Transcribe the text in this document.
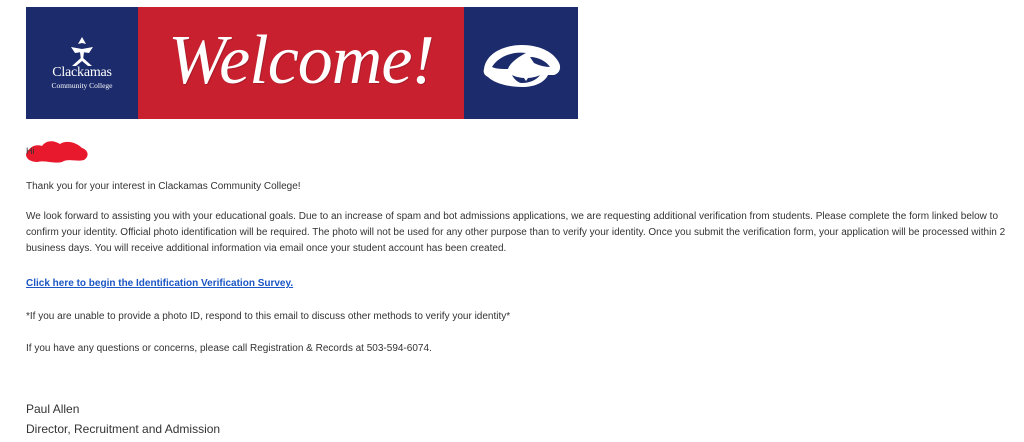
Clackamas
Community College Welcome!
Hi
Thank you for your interest in Clackamas Community College!
We look forward to assisting you with your educational goals. Due to an increase of spam and bot admissions applications, we are requesting additional verification from students. Please complete the form linked below to confirm your identity. Official photo identification will be required. The photo will not be used for any other purpose than to verify your identity. Once you submit the verification form, your application will be processed within 2 business days. You will receive additional information via email once your student account has been created.
Click here to begin the Identification Verification Survey.
*If you are unable to provide a photo ID, respond to this email to discuss other methods to verify your identity*
If you have any questions or concerns, please call Registration & Records at 503-594-6074.
Paul Allen
Director, Recruitment and Admission
